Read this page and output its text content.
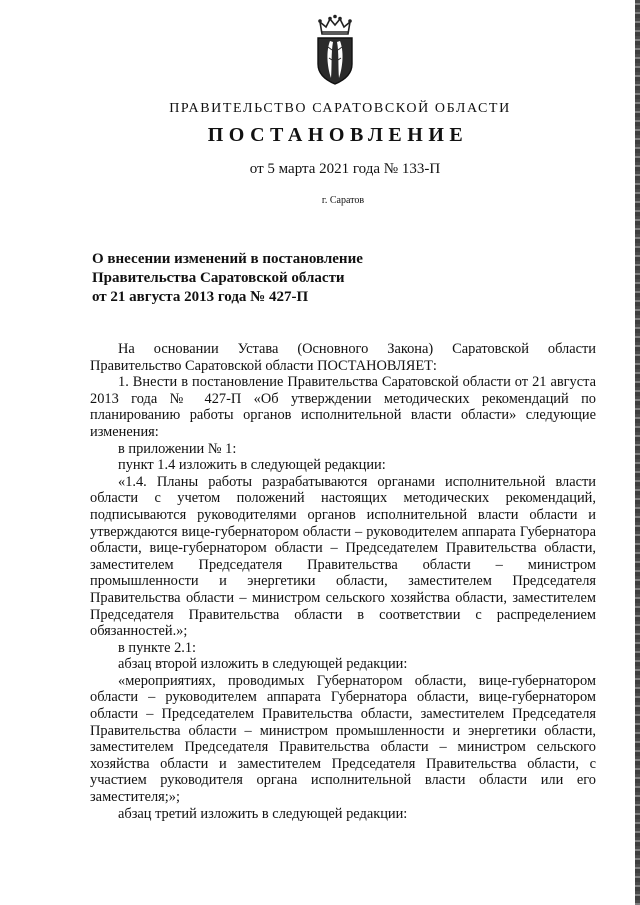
ПРАВИТЕЛЬСТВО САРАТОВСКОЙ ОБЛАСТИ
ПОСТАНОВЛЕНИЕ
от 5 марта 2021 года № 133-П
г. Саратов
О внесении изменений в постановление
Правительства Саратовской области
от 21 августа 2013 года № 427-П

На основании Устава (Основного Закона) Саратовской области Правительство Саратовской области ПОСТАНОВЛЯЕТ:

1. Внести в постановление Правительства Саратовской области от 21 августа 2013 года № 427-П «Об утверждении методических рекомендаций по планированию работы органов исполнительной власти области» следующие изменения:

в приложении № 1:

пункт 1.4 изложить в следующей редакции:

«1.4. Планы работы разрабатываются органами исполнительной власти области с учетом положений настоящих методических рекомендаций, подписываются руководителями органов исполнительной власти области и утверждаются вице-губернатором области – руководителем аппарата Губернатора области, вице-губернатором области – Председателем Правительства области, заместителем Председателя Правительства области – министром промышленности и энергетики области, заместителем Председателя Правительства области – министром сельского хозяйства области, заместителем Председателя Правительства области в соответствии с распределением обязанностей.»;

в пункте 2.1:

абзац второй изложить в следующей редакции:

«мероприятиях, проводимых Губернатором области, вице-губернатором области – руководителем аппарата Губернатора области, вице-губернатором области – Председателем Правительства области, заместителем Председателя Правительства области – министром промышленности и энергетики области, заместителем Председателя Правительства области – министром сельского хозяйства области и заместителем Председателя Правительства области, с участием руководителя органа исполнительной власти области или его заместителя;»;

абзац третий изложить в следующей редакции:
